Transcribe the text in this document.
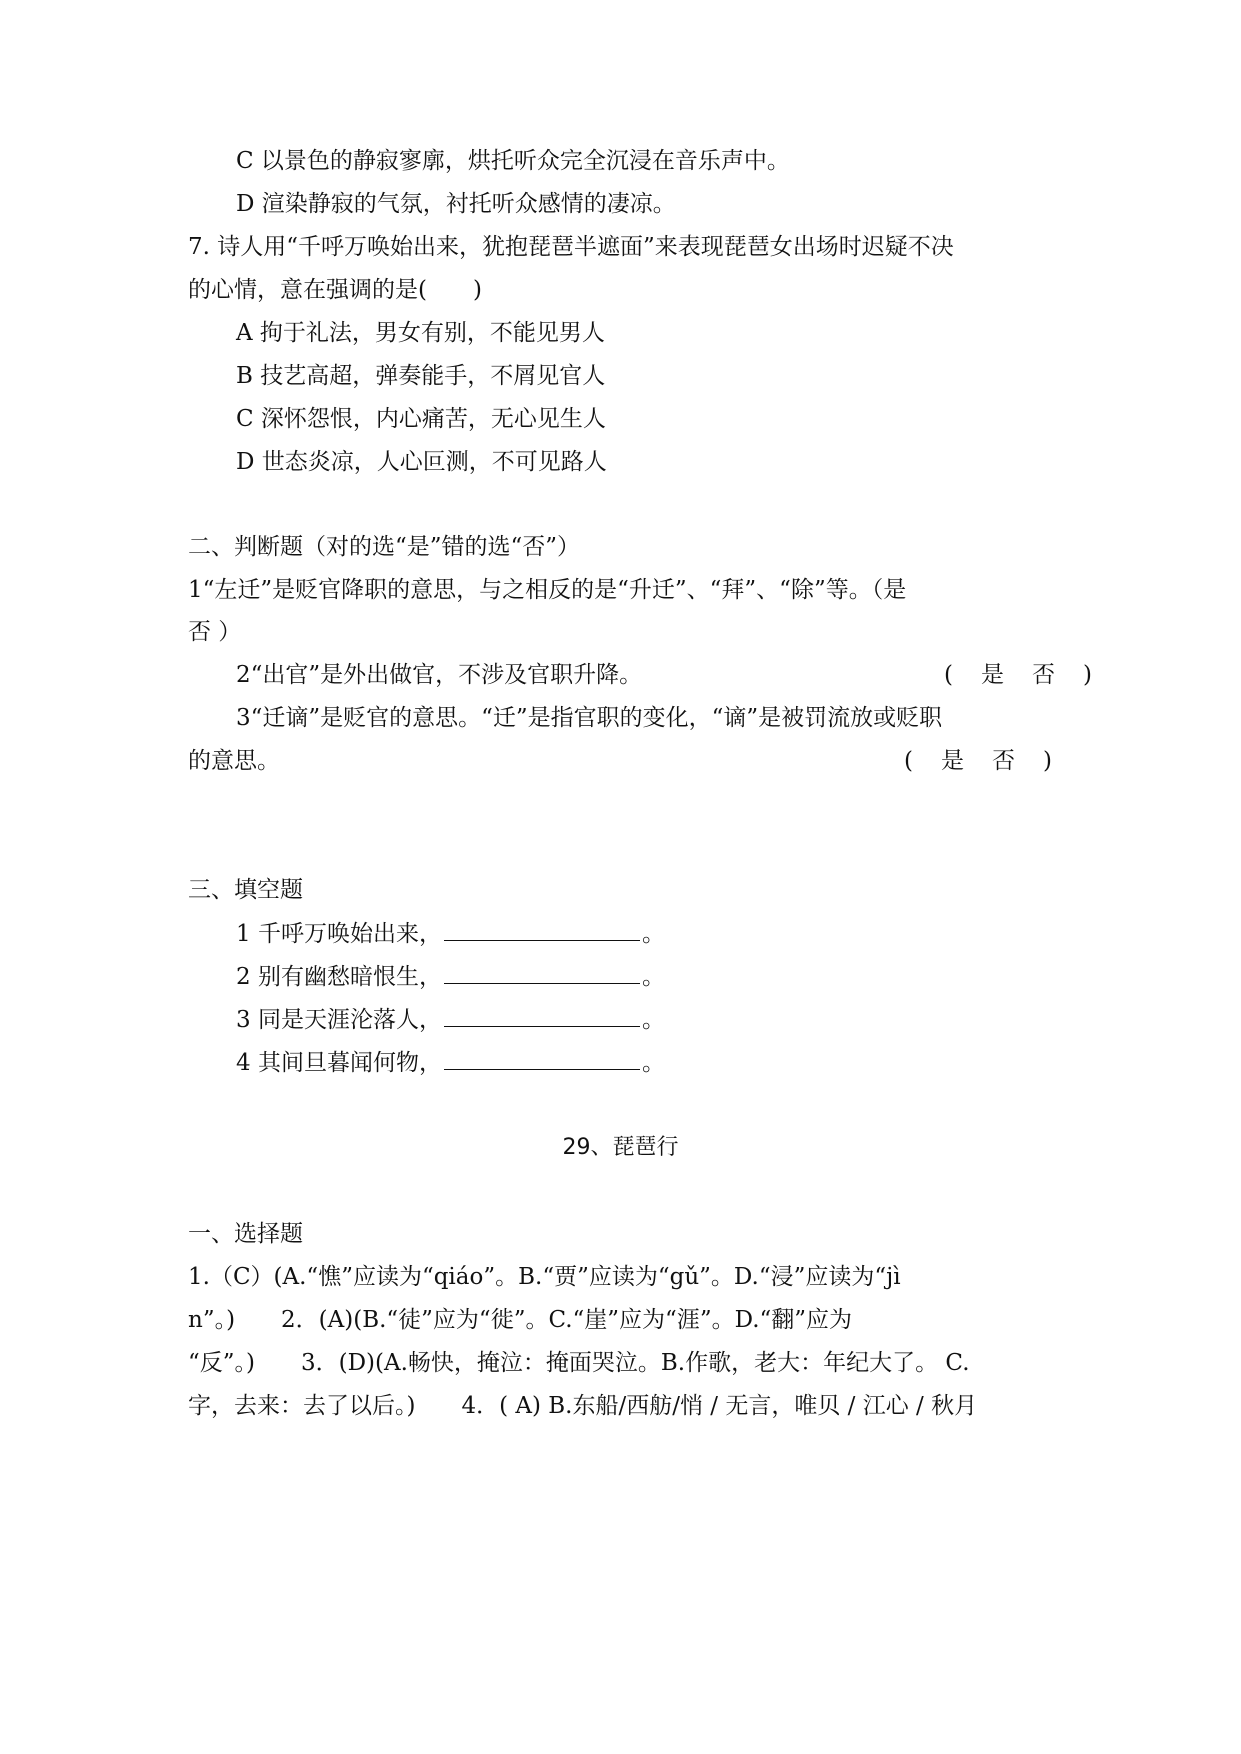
C 以景色的静寂寥廓，烘托听众完全沉浸在音乐声中。
D 渲染静寂的气氛，衬托听众感情的凄凉。
7. 诗人用“千呼万唤始出来，犹抱琵琶半遮面”来表现琵琶女出场时迟疑不决
的心情，意在强调的是(　　)
A 拘于礼法，男女有别，不能见男人
B 技艺高超，弹奏能手，不屑见官人
C 深怀怨恨，内心痛苦，无心见生人
D 世态炎凉，人心叵测，不可见路人
二、判断题（对的选“是”错的选“否”）
1“左迁”是贬官降职的意思，与之相反的是“升迁”、“拜”、“除”等。（是
否 ）
2“出官”是外出做官，不涉及官职升降。	( 是 否 )
3“迁谪”是贬官的意思。“迁”是指官职的变化，“谪”是被罚流放或贬职
的意思。	( 是 否 )
三、填空题
1 千呼万唤始出来，	。
2 别有幽愁暗恨生，	。
3 同是天涯沦落人，	。
4 其间旦暮闻何物，	。
29、琵琶行
一、选择题
1.（C）(A.“憔”应读为“qiáo”。B.“贾”应读为“gǔ”。D.“浸”应读为“jì
n”。)　　2．(A)(B.“徒”应为“徙”。C.“崖”应为“涯”。D.“翻”应为
“反”。)　　3．(D)(A.畅快，掩泣：掩面哭泣。B.作歌，老大：年纪大了。 C.
字，去来：去了以后。)　　4．( A) B.东船/西舫/悄 / 无言，唯贝 / 江心 / 秋月
